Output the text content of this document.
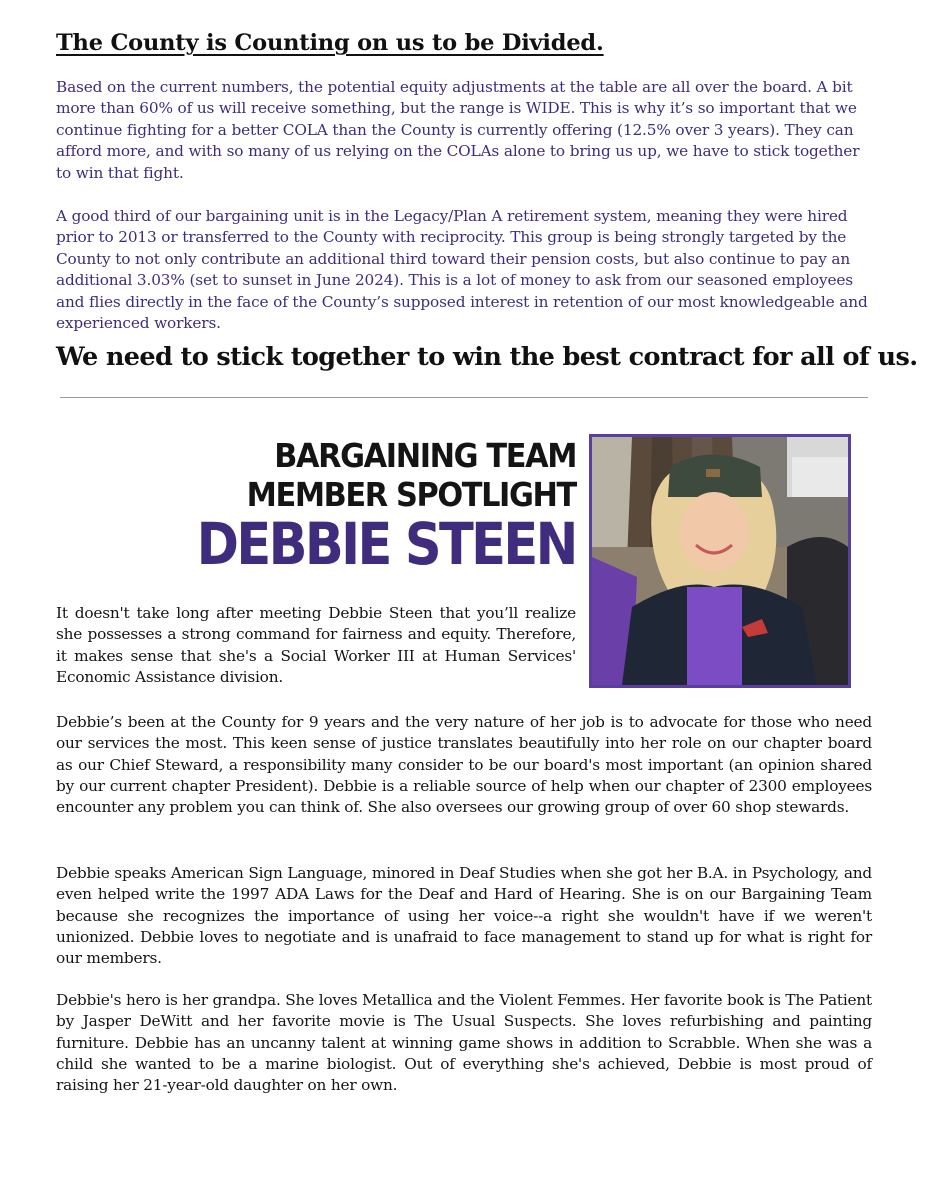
The County is Counting on us to be Divided.

Based on the current numbers, the potential equity adjustments at the table are all over the board. A bit more than 60% of us will receive something, but the range is WIDE. This is why it’s so important that we continue fighting for a better COLA than the County is currently offering (12.5% over 3 years). They can afford more, and with so many of us relying on the COLAs alone to bring us up, we have to stick together to win that fight.

A good third of our bargaining unit is in the Legacy/Plan A retirement system, meaning they were hired prior to 2013 or transferred to the County with reciprocity. This group is being strongly targeted by the County to not only contribute an additional third toward their pension costs, but also continue to pay an additional 3.03% (set to sunset in June 2024). This is a lot of money to ask from our seasoned employees and flies directly in the face of the County’s supposed interest in retention of our most knowledgeable and experienced workers.

We need to stick together to win the best contract for all of us.
BARGAINING TEAM
MEMBER SPOTLIGHT
DEBBIE STEEN

It doesn't take long after meeting Debbie Steen that you’ll realize she possesses a strong command for fairness and equity. Therefore, it makes sense that she's a Social Worker III at Human Services' Economic Assistance division.

Debbie’s been at the County for 9 years and the very nature of her job is to advocate for those who need our services the most. This keen sense of justice translates beautifully into her role on our chapter board as our Chief Steward, a responsibility many consider to be our board's most important (an opinion shared by our current chapter President). Debbie is a reliable source of help when our chapter of 2300 employees encounter any problem you can think of. She also oversees our growing group of over 60 shop stewards.

Debbie speaks American Sign Language, minored in Deaf Studies when she got her B.A. in Psychology, and even helped write the 1997 ADA Laws for the Deaf and Hard of Hearing. She is on our Bargaining Team because she recognizes the importance of using her voice--a right she wouldn't have if we weren't unionized. Debbie loves to negotiate and is unafraid to face management to stand up for what is right for our members.

Debbie's hero is her grandpa. She loves Metallica and the Violent Femmes. Her favorite book is The Patient by Jasper DeWitt and her favorite movie is The Usual Suspects. She loves refurbishing and painting furniture. Debbie has an uncanny talent at winning game shows in addition to Scrabble. When she was a child she wanted to be a marine biologist. Out of everything she's achieved, Debbie is most proud of raising her 21-year-old daughter on her own.
